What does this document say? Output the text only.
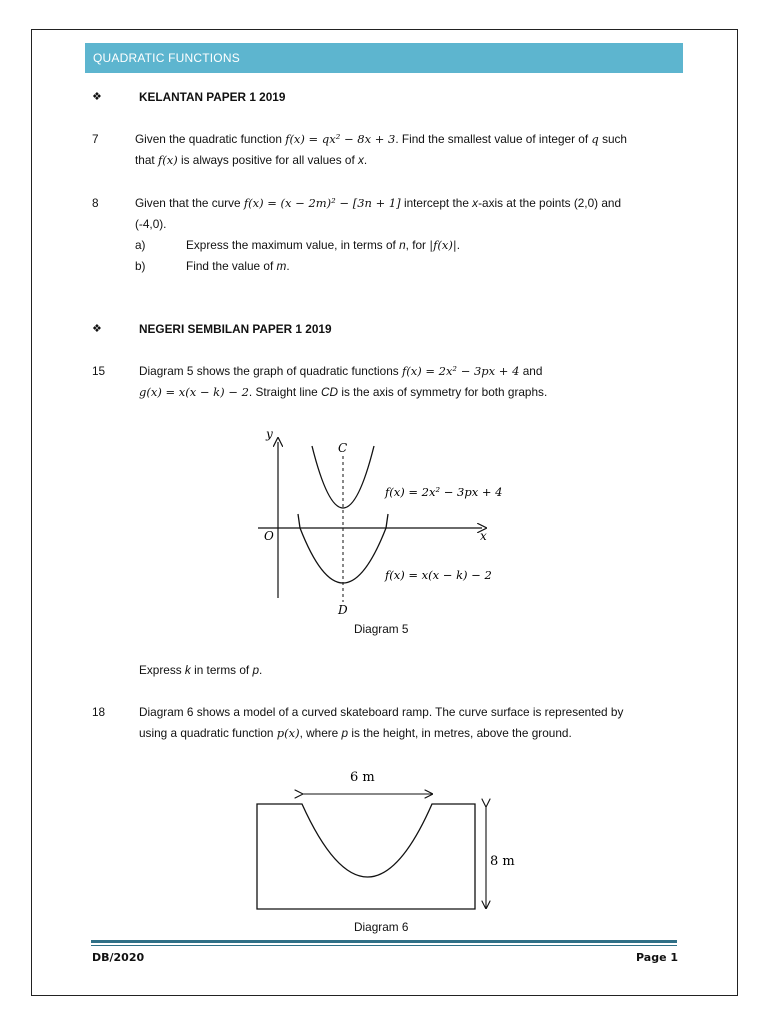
QUADRATIC FUNCTIONS
❖	KELANTAN PAPER 1 2019
7	Given the quadratic function f(x) = qx² − 8x + 3. Find the smallest value of integer of q such
that f(x) is always positive for all values of x.
8	Given that the curve f(x) = (x − 2m)² − [3n + 1] intercept the x-axis at the points (2,0) and
(-4,0).
a)	Express the maximum value, in terms of n, for |f(x)|.
b)	Find the value of m.
❖	NEGERI SEMBILAN PAPER 1 2019
15	Diagram 5 shows the graph of quadratic functions f(x) = 2x² − 3px + 4 and
g(x) = x(x − k) − 2. Straight line CD is the axis of symmetry for both graphs.
y
x
O
C
D
f(x) = 2x² − 3px + 4
f(x) = x(x − k) − 2
Diagram 5
Express k in terms of p.
18	Diagram 6 shows a model of a curved skateboard ramp. The curve surface is represented by
using a quadratic function p(x), where p is the height, in metres, above the ground.
6 m
8 m
Diagram 6
DB/2020	Page 1
